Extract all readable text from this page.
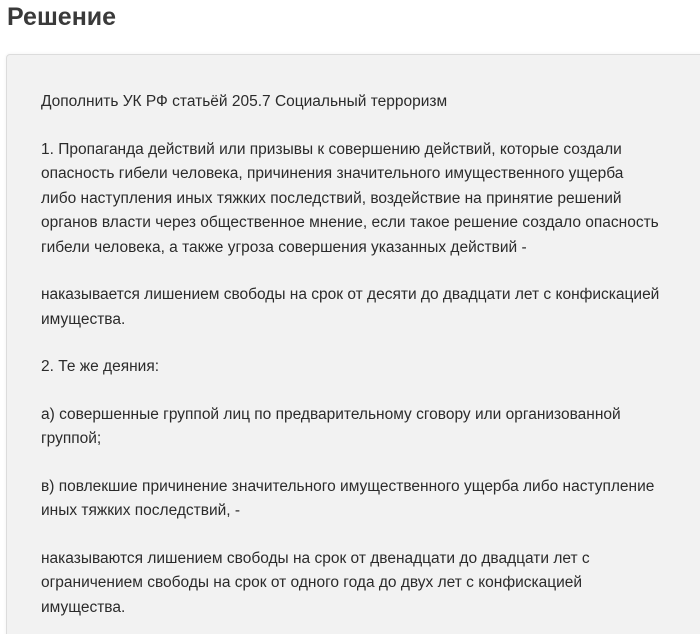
Решение

Дополнить УК РФ статьёй 205.7 Социальный терроризм

1. Пропаганда действий или призывы к совершению действий, которые создали
опасность гибели человека, причинения значительного имущественного ущерба
либо наступления иных тяжких последствий, воздействие на принятие решений
органов власти через общественное мнение, если такое решение создало опасность
гибели человека, а также угроза совершения указанных действий -

наказывается лишением свободы на срок от десяти до двадцати лет с конфискацией
имущества.

2. Те же деяния:

а) совершенные группой лиц по предварительному сговору или организованной
группой;

в) повлекшие причинение значительного имущественного ущерба либо наступление
иных тяжких последствий, -

наказываются лишением свободы на срок от двенадцати до двадцати лет с
ограничением свободы на срок от одного года до двух лет с конфискацией
имущества.
